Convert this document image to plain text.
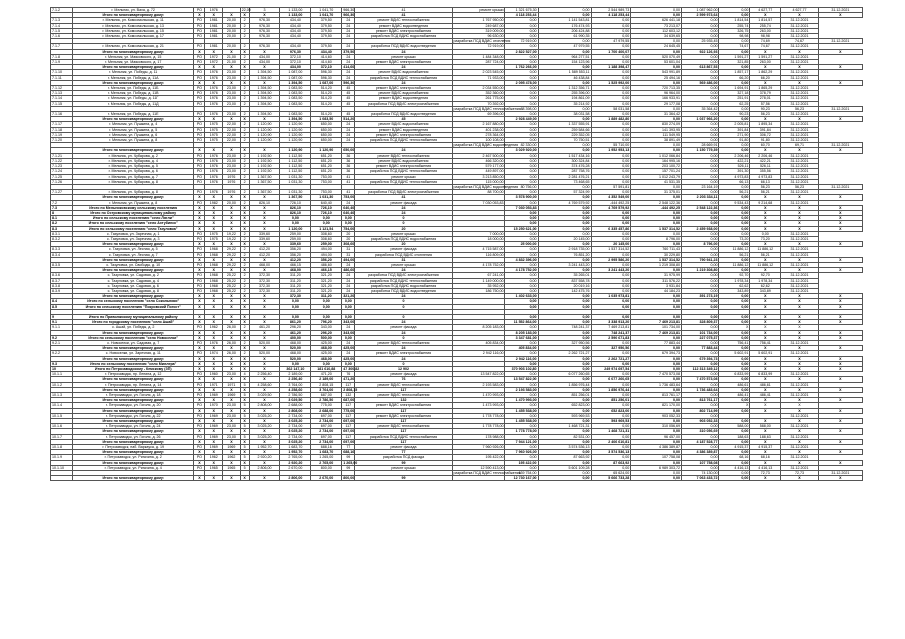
7.1.2	г. Мельник, ул. Ваха, д. 72	РО	1976		22,00	3	1 133,00	1 041,70	966,30	41	ремонт крыши	1 321 675,30	0,00	2 544 989,73	0,00	1 087 962,00	0,00	4 627,77	4 627,77	31.12.2021
	Итого по многоквартирному дому:	X	X	X	X	X	1 133,00	1 041,70	966,30	41		4 118 253,44	0,00	4 118 253,44	0,00	2 599 973,64	0,00	X	X	X
7.1.3	г. Мельник, ул. Комсомольская, д. 11	РО	1981	20,00	2	976,30	434,40	379,50	24	ремонт ВДИС теплоснабжения	1 767 950,00	0,00	1 141 543,81	0,00	626 441,18	0,00	1 814,54	1 814,57	31.12.2021	
7.1.4	г. Мельник, ул. Комсомольская, д. 13	РО	1981	20,00	2	976,30	434,40	379,50	24	ремонт ВДИС водоотведения	249 687,00	0,00	176 474,93	0,00	73 213,07	0,00	255,74	255,74	31.12.2021	
7.1.5	г. Мельник, ул. Комсомольская, д. 15	РО	1981	20,00	2	976,30	434,40	379,50	24	ремонт ВДИС электроснабжения	319 009,00	0,00	206 424,88	0,00	112 603,12	0,00	326,75	263,00	31.12.2021	
7.1.6	г. Мельник, ул. Комсомольская, д. 17	РО	1981	20,00	2	976,30	434,40	379,50	24	разработка ПСД ВДИС водоснабжения	96 630,00	0,00	61 990,35	0,00	34 639,65	0,00	98,98	98,98	31.12.2021	
											разработка ПСД ВДИС отопления	72 919,00	0,00	47 979,55	0,00	25 935,45	0,00	74,69	74,67	31.12.2021
7.1.7	г. Мельник, ул. Комсомольская, д. 21	РО	1981	20,00	2	976,30	434,40	379,50	24	разработка ПСД ВДИС водоотведения	72 919,00	0,00	47 979,55	0,00	24 645,45	0,00	74,67	74,67	31.12.2021	
	Итого по многоквартирному дому:	X	X	X	X	X	976,30	434,40	379,50	24		2 822 527,00	0,00	1 700 400,07	0,00	922 126,93	0,00	X	X	X
7.1.8	г. Мельник, ул. Маяковского, д. 15	РО	1972	21,00	2	434,00	372,10	414,60	24	ремонт крыши	1 484 348,00	0,00	964 277,51	0,00	520 070,49	0,00	1 591,27	1 591,27	31.12.2021	
7.1.9	г. Мельник, ул. Маяковского, д. 17	РО	1972	21,00	2	434,00	372,10	414,60	24	ремонт ВДИС электроснабжения	287 724,00	0,00	154 123,96	0,00	53 601,04	0,00	321,85	263,00	31.12.2021	
	Итого по многоквартирному дому:	X	X	X	X	X	434,00	372,10	414,60	24		1 762 266,00	0,00	1 188 398,47	0,00	613 867,53	0,00	X	X	X
7.1.10	г. Мельник, ул. Победы, д. 11	РО	1976	23,00	2	1 394,50	1 087,00	596,30	24	ремонт ВДИС водоснабжения	2 023 545,00	0,00	1 589 553,11	0,00	543 991,89	0,00	1 857,17	1 862,29	31.12.2021	
7.1.11	г. Мельник, ул. Победы, д. 11А	РО	1976	23,00	2	1 394,50	1 087,00	596,30	24	разработка ПСД ВДИС теплоснабжения	71 933,00	0,00	46 438,84	0,00	25 494,16	0,00	66,20	66,20	31.12.2021	
	Итого по многоквартирному дому:	X	X	X	X	X	1 394,50	1 087,00	596,30	24		2 095 478,00	0,00	1 525 992,00	0,00	569 486,00	0,00	X	X	X
7.1.12	г. Мельник, ул. Победы, д. 11Б	РО	1976	23,00	2	1 394,50	1 083,50	514,20	45	ремонт ВДИС электроснабжения	2 034 550,00	0,00	1 312 356,71	0,00	720 713,35	0,00	1 694,91	1 865,29	31.12.2021	
7.1.13	г. Мельник, ул. Победы, д. 11В	РО	1976	23,00	2	1 394,50	1 083,50	514,20	45	ремонт ВДИС водоснабжения	352 360,00	0,00	255 396,00	0,00	96 964,00	0,00	327,18	378,79	31.12.2021	
7.1.14	г. Мельник, ул. Победы, д. 11Г	РО	1976	23,00	2	1 394,50	1 083,50	514,20	45	ремонт ВДИС водоотведения	261 775,00	0,00	194 861,09	0,00	166 933,91	0,00	251,91	278,01	31.12.2021	
7.1.15	г. Мельник, ул. Победы, д. 11Д	РО	1976	23,00	2	1 394,50	1 083,50	514,20	45	разработка ПСД ВДИС электроснабжения	70 392,00	0,00	35 214,92	0,00	29 177,08	0,00	62,25	57,56	31.12.2021	
											разработка ПСД ВДИС теплоснабжения	88 398,00	0,00	58 031,58	0,00	35 364,42	0,00	90,23	56,23	31.12.2021
7.1.16	г. Мельник, ул. Победы, д. 11Е	РО	1976	23,00	2	1 394,50	1 083,50	514,20	45	разработка ПСД ВДИС водоотведения	69 396,00	0,00	38 031,58	0,00	31 364,42	0,00	90,23	56,23	31.12.2021	
	Итого по многоквартирному дому:	X	X	X	X	X	1 394,50	1 083,50	514,20	45		2 928 449,00	0,00	1 889 482,80	0,00	1 037 966,20	0,00	X	X	X
7.1.17	г. Мельник, ул. Пушкина, д. 4	РО	1975	22,00	2	1 120,90	1 120,90	650,00	24	ремонт ВДИС водоснабжения	2 167 880,00	0,00	1 337 555,91	0,00	830 274,09	0,00	2 005,81	1 895,34	31.12.2021	
7.1.18	г. Мельник, ул. Пушкина, д. 5	РО	1975	22,00	2	1 120,90	1 120,90	650,00	24	ремонт ВДИС водоотведения	401 238,00	0,00	259 584,66	0,00	141 393,95	0,00	391,84	391,84	31.12.2021	
7.1.19	г. Мельник, ул. Пушкина, д. 6	РО	1975	22,00	2	1 120,90	1 120,90	650,00	24	ремонт ВДИС электроснабжения	278 364,00	0,00	229 352,05	0,00	111 549,95	0,00	271,90	306,72	31.12.2021	
7.1.20	г. Мельник, ул. Пушкина, д. 8	РО	1975	22,00	2	1 120,90	1 120,90	650,00	24	разработка ПСД ВДИС теплоснабжения	100 108,00	0,00	70 750,51	0,00	38 891,49	0,00	91,80	91,80	31.12.2021	
											разработка ПСД ВДИС водоотведения	82 330,00	0,00	55 710,00	0,00	28 669,91	0,00	60,70	69,71	31.12.2021
	Итого по многоквартирному дому:	X	X	X	X	X	1 120,90	1 120,90	650,00	24		3 029 920,00	0,00	1 952 953,13	0,00	1 150 779,39	0,00	X	X	X
7.1.21	г. Мельник, ул. Чубарова, д. 2	РО	1976	23,00	2	1 192,50	1 112,50	651,20	36	ремонт ВДИС теплоснабжения	2 467 500,00	0,00	1 517 434,16	0,00	1 012 066,84	0,00	2 206,46	2 206,46	31.12.2021	
7.1.22	г. Мельник, ул. Чубарова, д. 4	РО	1976	23,00	2	1 192,50	1 112,50	651,20	36	ремонт ВДИС водоснабжения	466 320,00	0,00	300 324,84	0,00	164 995,16	0,00	422,21	422,21	31.12.2021	
7.1.23	г. Мельник, ул. Чубарова, д. 5	РО	1976	23,00	2	1 192,50	1 112,50	651,20	36	ремонт ВДИС электроснабжения	579 177,00	0,00	374 476,28	0,00	203 100,72	0,00	526,11	526,11	31.12.2021	
7.1.24	г. Мельник, ул. Чубарова, д. 6	РО	1976	23,00	2	1 192,50	1 112,50	651,20	36	разработка ПСД ВДИС теплоснабжения	449 897,00	0,00	287 758,76	0,00	157 701,24	0,00	391,30	355,56	31.12.2021	
7.1.25	г. Мельник, ул. Чубарова, д. 7	РО	1976	1976	2	1 367,50	1 031,30	753,00	41	ремонт крыши	3 213 850,00	0,00	2 281 476,21	0,00	1 012 243,79	0,00	4 973,83	4 973,83	31.12.2021	
7.1.26	г. Мельник, ул. Чубарова, д. 8	РО	1976	1976	2	1 367,50	1 031,30	753,00	41	разработка ПСД ВДИС теплоснабжения	115 000,00	0,00	73 468,65	0,00	41 531,35	0,00	66,13	66,13	31.12.2021	
											разработка ПСД ВДИС водоотведения	80 756,00	0,00	57 591,81	0,00	23 164,19	0,00	56,23	56,23	31.12.2021
7.1.27	г. Мельник, ул. Чубарова, д. 8	РО	1976	1976	2	1 367,50	1 031,30	753,00	41	разработка ПСД ВДИС электроснабжения	88 700,00	0,00	57 324,99	0,00	31 375,01	0,00	56,21	56,21	31.12.2021	
	Итого по многоквартирному дому:	X	X	X	X	X	1 367,50	1 031,30	753,00	41		3 578 900,00	0,00	4 352 549,00	0,00	2 203 334,11	0,00	X	X	X
7.2	г. Мельник, ул. Пушкина, д. 8	РО	1982	20,00	2	826,10	726,10	640,40	24	ремонт фасада	7 030 053,83	0,00	4 769 579,92	-444 492,25	2 548 122,36	0,00	9 534,43	9 214,68	31.12.2021	
7.3	Итого по Мельниковскому сельскому поселению	X	X	X	X	X	826,10	726,10	640,40	24		7 030 053,83	0,00	4 769 579,92	-444 492,25	2 548 122,36	0,00	X	X	X
8	Итого по Островскому муниципальному району	X	X	X	X	X	826,10	726,10	640,40	24		0,00	0,00	0,00	0,00	0,00	0,00	X	X	X
8.1	Итого по сельскому поселению "село Лягли"	X	X	X	X	X	0,00	0,00	0,00	0		0,00	0,00	0,00	0,00	0,00	0,00	X	X	X
8.2	Итого по сельскому поселению "село Ахтубинск"	X	X	X	X	X	0,00	0,00	0,00	0		0,00	0,00	0,00	0,00	0,00	0,00	X	X	X
8.3	Итого по сельскому поселению "село Тазуловка"	X	X	X	X	X	1 120,00	1 121,54	754,00	20		15 250 621,00	0,00	6 335 457,86	1 537 314,52	2 459 938,00	0,00	X	X	X
8.3.1	с. Тазуловка, ул. Заречная, д. 1	РО	1975	19,22	2	339,60	259,00	308,60	20	ремонт крыши	7 000,00	0,00	0,00	0,00	0,00	0,00	0,00	0,00	31.12.2021	
8.3.2	с. Тазуловка, ул. Заречная, д. 3	РО	1975	19,22	2	339,60	259,00	308,60	20	разработка ПСД ВДИС водоснабжения	18 000,00	0,00	20 145,00	0,00	8 796,00	0,00	73,20	73,20	31.12.2021	
	Итого по многоквартирному дому:	X	X	X	X	X	339,60	259,00	308,60	20		25 000,00	0,00	20 145,00	0,00	8 796,00	0,00	X	X	X
8.3.3	с. Тазуловка, ул. Лесная, д. 5	РО	1968	29,22	2	412,20	356,20	494,00	31	ремонт фасада	4 715 587,00	0,00	2 918 735,00	1 537 314,52	760 711,43	0,00	11 886,12	11 886,12	31.12.2021	
8.3.4	с. Тазуловка, ул. Лесная, д. 7	РО	1968	29,22	2	412,20	356,20	494,00	31	разработка ПСД ВДИС отопления	116 809,00	0,00	76 851,20	0,00	30 229,80	0,00	56,21	56,21	31.12.2021	
	Итого по многоквартирному дому:	X	X	X	X	X	412,20	356,20	494,00	31		4 832 396,00	0,00	2 995 586,20	1 537 314,52	790 941,23	0,00	X	X	X
8.3.5	с. Тазуловка, ул. Свободы, д. 10	РО	1968	29,22	2	468,00	466,15	486,60	24	ремонт крыши	4 178 752,00	0,00	3 241 443,20	0,00	1 219 308,80	0,00	11 886,12	11 886,12	31.12.2021	
	Итого по многоквартирному дому:	X	X	X	X	X	468,00	466,15	486,60	24		4 178 752,00	0,00	3 241 443,20	0,00	1 219 308,80	0,00	X	X	X
8.3.6	с. Тазуловка, ул. Садовая, д. 2	РО	1968	25,22	2	372,30	311,20	321,20	24	разработка ПСД ВДИС электроснабжения	67 241,00	0,00	35 265,01	0,00	31 975,99	0,00	92,70	92,70	31.12.2021	
8.3.7	с. Тазуловка, ул. Садовая, д. 4	РО	1968	25,22	2	372,30	311,20	321,20	24	разработка ПСД ВДИС теплоснабжения	1 149 000,00	0,00	837 558,78	0,00	311 576,22	0,00	1 978,34	1 978,34	31.12.2021	
8.3.8	с. Тазуловка, ул. Садовая, д. 6	РО	1968	25,22	2	372,30	311,20	321,20	24	разработка ПСД ВДИС водоснабжения	35 952,00	0,00	20 019,16	0,00	3 931,84	0,00	62,62	62,62	31.12.2021	
8.3.9	с. Тазуловка, ул. Садовая, д. 8	РО	1968	25,22	2	372,30	311,20	321,20	24	разработка ПСД ВДИС водоотведения	186 750,00	0,00	142 475,76	0,00	44 184,23	0,00	343,89	343,89	31.12.2021	
	Итого по многоквартирному дому:	X	X	X	X	X	372,30	311,20	321,20	24		1 402 633,00	0,00	1 035 973,81	0,00	391 273,19	0,00	X	X	X
8.4	Итого по сельскому поселению "село Сокольники"	X	X	X	X	X	0,00	0,00	0,00	0		0,00	0,00	0,00	0,00	0,00	0,00	X	X	X
8.5	Итого по сельскому поселению "Покровский Погост"	X	X	X	X	X	0,00	0,00	0,00	0		0,00	0,00	0,00	0,00	0,00	0,00	X	X	X

9	Итого по Приволжскому муниципальному району	X	X	X	X	X	0,00	0,00	0,00	0		0,00	0,00	0,00	0,00	0,00	0,00	X	X	X
9.1	Итого по городскому поселению "село Ашай"	X	X	X	X	X	861,20	796,20	343,00	24		11 552 864,00	0,00	3 338 913,20	7 469 213,81	328 809,37	0,00	X	X	X
9.1.1	с. Ашай, ул. Победы, д. 2	РО	1962	26,00	2	461,20	296,20	343,00	24	ремонт фасада	8 205 183,00	0,00	748 241,37	7 469 213,81	101 734,00	0,00	X	X	X	
	Итого по многоквартирному дому:	X	X	X	X	X	461,20	296,20	343,00	24		8 205 183,00	0,00	748 241,37	7 469 213,81	101 734,00	0,00	X	X	X
9.2	Итого по сельскому поселению "село Новоселки"	X	X	X	X	X	400,00	500,00	0,00	0		3 347 681,00	0,00	2 590 671,83	0,00	227 075,37	0,00	X	X	X
9.2.1	с. Новоселки, ул. Садовая, д. 7	РО	1976	26,00	2	520,00	468,00	425,00	24	ремонт ВДИС теплоснабжения	405 834,00	0,00	327 950,56	0,00	77 883,44	0,00	756,41	756,41	31.12.2021	
	Итого по многоквартирному дому:	X	X	X	X	X	520,00	468,00	425,00	24		405 834,00	0,00	327 950,56	0,00	77 883,44	0,00	X	X	X
9.2.2	с. Новоселки, ул. Заречная, д. 11	РО	1974	26,00	2	520,00	468,00	425,00	24	ремонт ВДИС электроснабжения	2 942 116,00	0,00	2 262 721,27	0,00	679 394,73	0,00	5 602,91	5 602,91	31.12.2021	
	Итого по многоквартирному дому:	X	X	X	X	X	520,00	468,00	425,00	24		2 942 116,00	0,00	2 262 721,27	0,00	679 394,73	0,00	X	X	X
9.3	Итого по сельскому поселению "село Миллера"	X	X	X	X	X	0,00	0,00	0,00	0		0,00	0,00	0,00	0,00	0,00	0,00	X	X	X
10	Итого по Петрозаводскому - Кемскому (ЗП)	X	X	X	X	X	362 147,10	181 610,88	47 300,82	12 902		370 903 102,80	0,00	249 974 697,54	0,00	112 313 349,12	0,00	X	X	X
10.1.1	г. Петрозаводск, пр. Ленина, д. 12	РО	1960	23,00	4	2 256,40	2 189,00	471,20	76	ремонт фасада	13 547 822,00	0,00	6 077 260,65	0,00	7 470 573,08	0,00	6 833,99	6 833,99	31.12.2021	
	Итого по многоквартирному дому:	X	X	X	X	X	2 256,40	2 189,00	471,20	76		13 547 822,00	0,00	6 077 260,65	0,00	7 470 573,08	0,00	X	X	X
10.1.2	г. Петрозаводск, пр. Ленина, д. 14	РО	1971	1971	5	4 258,60	3 764,00	2 808,15	117	ремонт ВДИС теплоснабжения	2 193 583,00	0,00	1 856 976,44	0,00	1 736 483,64	0,00	486,61	486,61	31.12.2021	
	Итого по многоквартирному дому:	X	X	X	X	X	4 258,60	3 764,00	2 808,15	117		2 193 583,00	0,00	1 856 976,44	0,00	1 736 483,64	0,00	X	X	X
10.1.3	г. Петрозаводск, ул. Гоголя, д. 18	РО	1969	1969	5	3 029,50	2 786,50	687,00	132	ремонт ВДИС теплоснабжения	1 470 993,00	0,00	851 256,01	0,00	813 761,17	0,00	486,41	486,41	31.12.2021	
	Итого по многоквартирному дому:	X	X	X	X	X	3 029,50	2 786,50	687,00	132		1 470 993,00	0,00	851 256,01	0,00	813 761,17	0,00	X	X	X
10.1.4	г. Петрозаводск, ул. Гоголя, д. 20	РО	1970	23,00	5	2 808,00	2 688,00	775,00	117	ремонт ВДИС электроснабжения	1 473 993,00	0,00	652 823,00	0,00	821 170,00	0,00	X	X	X	
	Итого по многоквартирному дому:	X	X	X	X	X	2 808,00	2 688,00	775,00	117		1 455 538,00	0,00	652 823,00	0,00	802 714,99	0,00	X	X	X
10.1.5	г. Петрозаводск, ул. Гоголя, д. 22	РО	1969	23,00	5	3 025,20	2 734,00	697,00	117	ремонт ВДИС электроснабжения	1 778 778,00	0,00	593 969,53	0,00	903 052,33	0,00			31.12.2021	
	Итого по многоквартирному дому:	X	X	X	X	X	3 025,20	2 734,00	697,00	117		1 455 538,00	0,00	593 969,53	0,00	903 052,33	0,00	X	X	X
10.1.6	г. Петрозаводск, ул. Гоголя, д. 24	РО	1969	23,00	5	3 025,20	2 734,00	697,00	117	ремонт ВДИС теплоснабжения	1 778 778,00	0,00	1 468 721,31	0,00	310 056,69	0,00	588,00	588,00	31.12.2021	
	Итого по многоквартирному дому:	X	X	X	X	X	3 025,20	2 734,00	697,00	117		1 778 778,00	0,00	1 468 721,31	0,00	310 056,69	0,00	X	X	X
10.1.7	г. Петрозаводск, ул. Гоголя, д. 26	РО	1969	23,00	5	3 025,20	2 734,00	697,00	117	разработка ПСД ВДИС теплоснабжения	178 988,00	0,00	82 531,00	0,00	96 457,00	0,00	188,63	188,63	31.12.2021	
	Итого по многоквартирному дому:	X	X	X	X	X	3 025,20	2 734,00	697,00	117		7 944 121,00	0,00	2 406 610,81	0,00	4 187 528,77	0,00	X	X	X
10.1.8	г. Петрозаводск, наб. Варкауса, д. 19	РО	1969	1969	5	1 952,70	1 683,70	688,16	77	ремонт фасада	7 960 926,00	0,00	3 574 536,13	0,00	4 386 389,87	0,00	4 915,37	4 915,37	31.12.2021	
	Итого по многоквартирному дому:	X	X	X	X	X	1 952,70	1 683,70	688,16	77		7 960 926,00	0,00	3 574 536,13	0,00	4 386 389,87	0,00	X	X	X
10.1.9	г. Петрозаводск, ул. Ригачина, д. 2	РО	1962	1962	5	2 920,20	2 765,00	1 265,00	99	разработка ПСД фасада	195 422,00	0,00	87 663,92	0,00	107 758,08	0,00	68,16	68,16	31.12.2021	
	Итого по многоквартирному дому:	X	X	X	X	X	2 920,20	2 765,00	1 265,00	99		195 422,00	0,00	87 663,92	0,00	107 758,08	0,00	X	X	X
10.1.10	г. Петрозаводск, ул. Ригачина, д. 4	РО	1965	1965	5	2 806,00	2 670,00	800,00	99	ремонт крыши	12 590 413,00	0,00	5 601 109,28	0,00	6 989 303,72	0,00	4 416,13	4 416,13	31.12.2021	
											разработка ПСД ВДИС теплоснабжения	139 754,00	0,00	65 624,00	0,00	74 130,00	0,00	72,73	72,73	31.12.2021
	Итого по многоквартирному дому:	X	X	X	X	X	2 806,00	2 670,00	800,00	99		12 730 167,00	0,00	5 666 733,28	0,00	7 063 433,72	0,00	X	X	X
